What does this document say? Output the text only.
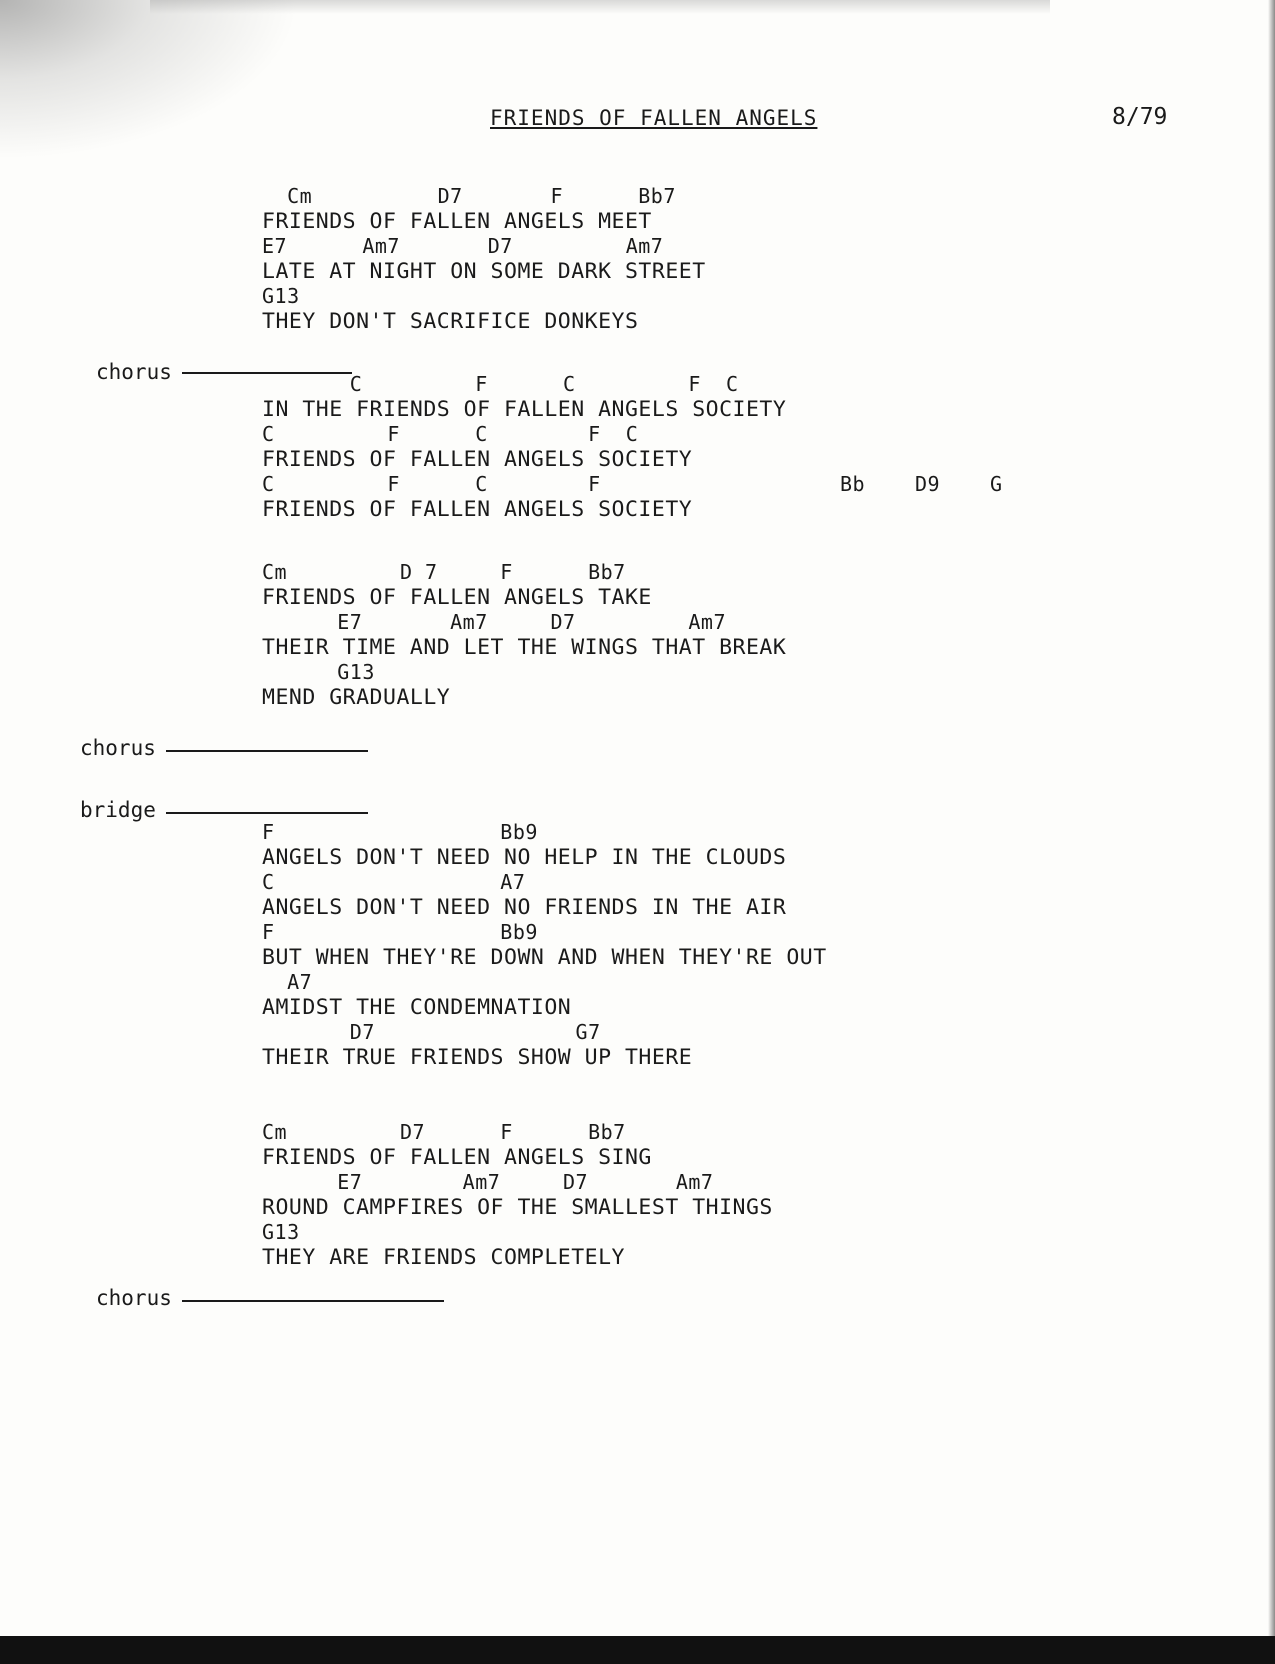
FRIENDS OF FALLEN ANGELS	8/79
Cm          D7       F      Bb7
FRIENDS OF FALLEN ANGELS MEET
E7      Am7       D7         Am7
LATE AT NIGHT ON SOME DARK STREET
G13
THEY DON'T SACRIFICE DONKEYS
chorus	C         F      C         F  C
IN THE FRIENDS OF FALLEN ANGELS SOCIETY
C         F      C        F  C
FRIENDS OF FALLEN ANGELS SOCIETY
C         F      C        F	Bb D9 G
FRIENDS OF FALLEN ANGELS SOCIETY
Cm         D 7     F      Bb7
FRIENDS OF FALLEN ANGELS TAKE
E7       Am7     D7         Am7
THEIR TIME AND LET THE WINGS THAT BREAK
G13
MEND GRADUALLY
chorus
bridge
F                  Bb9
ANGELS DON'T NEED NO HELP IN THE CLOUDS
C                  A7
ANGELS DON'T NEED NO FRIENDS IN THE AIR
F                  Bb9
BUT WHEN THEY'RE DOWN AND WHEN THEY'RE OUT
A7
AMIDST THE CONDEMNATION
D7                G7
THEIR TRUE FRIENDS SHOW UP THERE
Cm         D7      F      Bb7
FRIENDS OF FALLEN ANGELS SING
E7        Am7     D7       Am7
ROUND CAMPFIRES OF THE SMALLEST THINGS
G13
THEY ARE FRIENDS COMPLETELY
chorus
